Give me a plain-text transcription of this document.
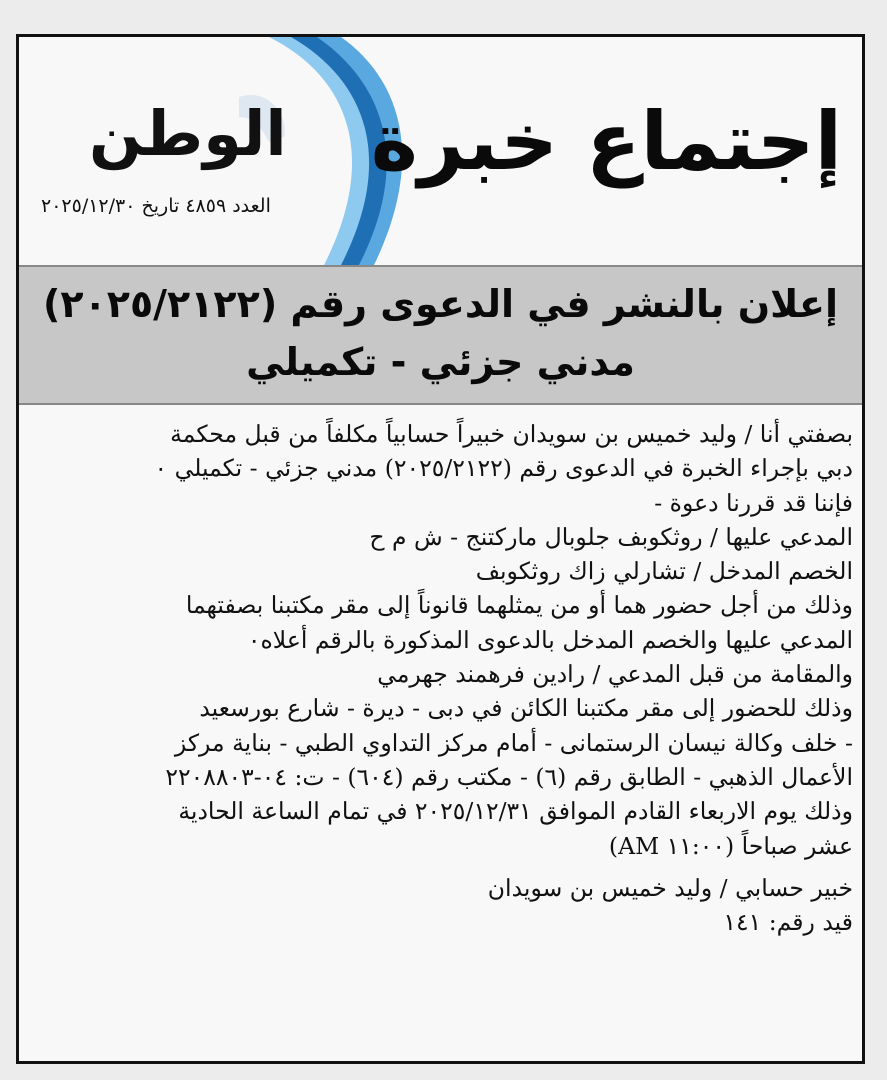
إجتماع خبرة
الوطن
العدد ٤٨٥٩ تاريخ ٢٠٢٥/١٢/٣٠
إعلان بالنشر في الدعوى رقم (٢٠٢٥/٢١٢٢)
مدني جزئي - تكميلي

بصفتي أنا / وليد خميس بن سويدان خبيراً حسابياً مكلفاً من قبل محكمة

دبي بإجراء الخبرة في الدعوى رقم (٢٠٢٥/٢١٢٢) مدني جزئي - تكميلي ٠

فإننا قد قررنا دعوة -

المدعي عليها / روثكوبف جلوبال ماركتنج - ش م ح

الخصم المدخل / تشارلي زاك روثكوبف

وذلك من أجل حضور هما أو من يمثلهما قانوناً إلى مقر مكتبنا بصفتهما

المدعي عليها والخصم المدخل بالدعوى المذكورة بالرقم أعلاه٠

والمقامة من قبل المدعي / رادين فرهمند جهرمي

وذلك للحضور إلى مقر مكتبنا الكائن في دبى - ديرة - شارع بورسعيد

- خلف وكالة نيسان الرستمانى - أمام مركز التداوي الطبي - بناية مركز

الأعمال الذهبي - الطابق رقم (٦) - مكتب رقم (٦٠٤) - ت: ٠٤-٢٢٠٨٨٠٣

وذلك يوم الاربعاء القادم الموافق ٢٠٢٥/١٢/٣١ في تمام الساعة الحادية

عشر صباحاً (١١:٠٠ AM)

خبير حسابي / وليد خميس بن سويدان

قيد رقم: ١٤١
